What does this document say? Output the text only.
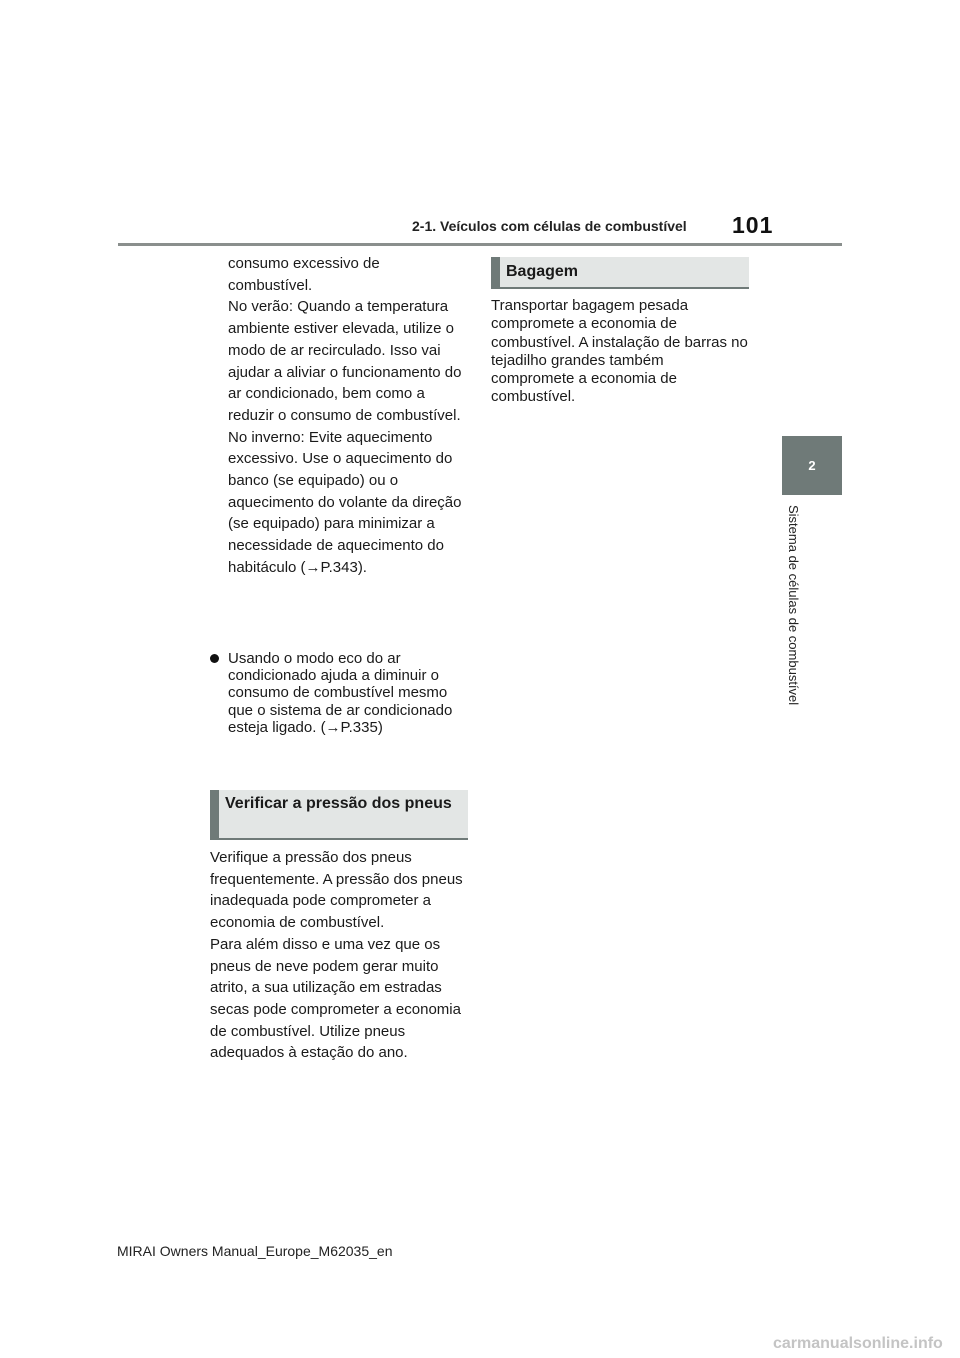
2-1. Veículos com células de combustível 101
2
Sistema de células de combustível

consumo excessivo de combustível.

No verão: Quando a temperatura ambiente estiver elevada, utilize o modo de ar recirculado. Isso vai ajudar a aliviar o funcionamento do ar condicionado, bem como a reduzir o consumo de combustível.

No inverno: Evite aquecimento excessivo. Use o aquecimento do banco (se equipado) ou o aquecimento do volante da direção (se equipado) para minimizar a necessidade de aquecimento do habitáculo (→P.343).

Usando o modo eco do ar condicionado ajuda a diminuir o consumo de combustível mesmo que o sistema de ar condicionado esteja ligado. (→P.335)
Verificar a pressão dos pneus

Verifique a pressão dos pneus frequentemente. A pressão dos pneus inadequada pode comprometer a economia de combustível.

Para além disso e uma vez que os pneus de neve podem gerar muito atrito, a sua utilização em estradas secas pode comprometer a economia de combustível. Utilize pneus adequados à estação do ano.

Bagagem

Transportar bagagem pesada compromete a economia de combustível. A instalação de barras no tejadilho grandes também compromete a economia de combustível.

MIRAI Owners Manual_Europe_M62035_en
carmanualsonline.info
